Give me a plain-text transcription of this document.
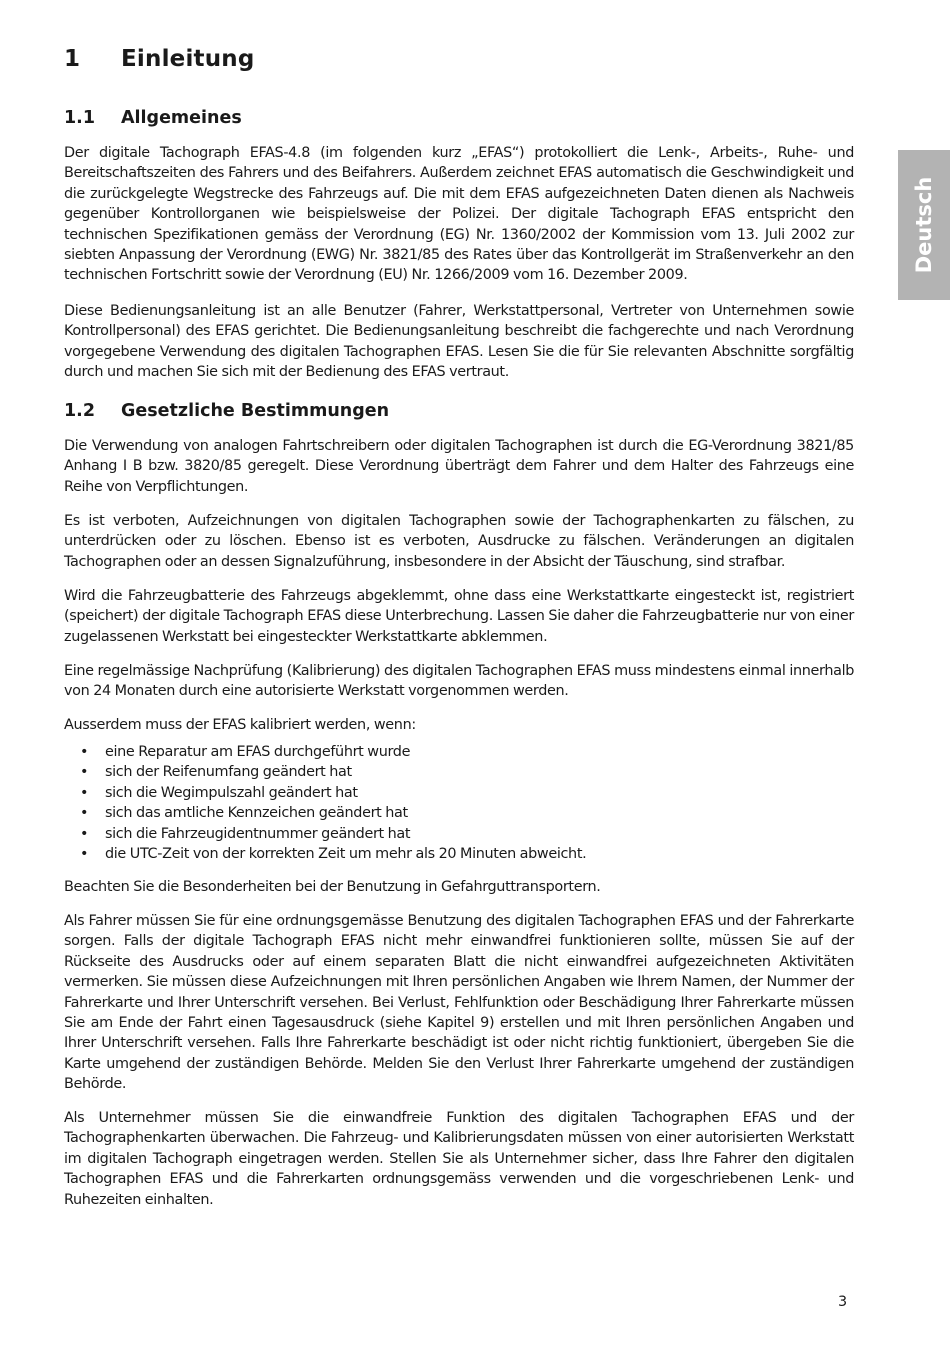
1 Einleitung
1.1 Allgemeines

Der digitale Tachograph EFAS-4.8 (im folgenden kurz „EFAS“) protokolliert die Lenk-, Arbeits-, Ruhe- und Bereitschaftszeiten des Fahrers und des Beifahrers. Außerdem zeichnet EFAS automatisch die Geschwindigkeit und die zurückgelegte Wegstrecke des Fahrzeugs auf. Die mit dem EFAS aufgezeichneten Daten dienen als Nachweis gegenüber Kontrollorganen wie beispielsweise der Polizei. Der digitale Tachograph EFAS entspricht den technischen Spezifikationen gemäss der Verordnung (EG) Nr. 1360/2002 der Kommission vom 13. Juli 2002 zur siebten Anpassung der Verordnung (EWG) Nr. 3821/85 des Rates über das Kontrollgerät im Straßenverkehr an den technischen Fortschritt sowie der Verordnung (EU) Nr. 1266/2009 vom 16. Dezember 2009.

Diese Bedienungsanleitung ist an alle Benutzer (Fahrer, Werkstattpersonal, Vertreter von Unternehmen sowie Kontrollpersonal) des EFAS gerichtet. Die Bedienungsanleitung beschreibt die fachgerechte und nach Verordnung vorgegebene Verwendung des digitalen Tachographen EFAS. Lesen Sie die für Sie relevanten Abschnitte sorgfältig durch und machen Sie sich mit der Bedienung des EFAS vertraut.

1.2 Gesetzliche Bestimmungen

Die Verwendung von analogen Fahrtschreibern oder digitalen Tachographen ist durch die EG-Verordnung 3821/85 Anhang I B bzw. 3820/85 geregelt. Diese Verordnung überträgt dem Fahrer und dem Halter des Fahrzeugs eine Reihe von Verpflichtungen.

Es ist verboten, Aufzeichnungen von digitalen Tachographen sowie der Tachographenkarten zu fälschen, zu unterdrücken oder zu löschen. Ebenso ist es verboten, Ausdrucke zu fälschen. Veränderungen an digitalen Tachographen oder an dessen Signalzuführung, insbesondere in der Absicht der Täuschung, sind strafbar.

Wird die Fahrzeugbatterie des Fahrzeugs abgeklemmt, ohne dass eine Werkstattkarte eingesteckt ist, registriert (speichert) der digitale Tachograph EFAS diese Unterbrechung. Lassen Sie daher die Fahrzeugbatterie nur von einer zugelassenen Werkstatt bei eingesteckter Werkstattkarte abklemmen.

Eine regelmässige Nachprüfung (Kalibrierung) des digitalen Tachographen EFAS muss mindestens einmal innerhalb von 24 Monaten durch eine autorisierte Werkstatt vorgenommen werden.

Ausserdem muss der EFAS kalibriert werden, wenn:

• eine Reparatur am EFAS durchgeführt wurde
• sich der Reifenumfang geändert hat
• sich die Wegimpulszahl geändert hat
• sich das amtliche Kennzeichen geändert hat
• sich die Fahrzeugidentnummer geändert hat
• die UTC-Zeit von der korrekten Zeit um mehr als 20 Minuten abweicht.

Beachten Sie die Besonderheiten bei der Benutzung in Gefahrguttransportern.

Als Fahrer müssen Sie für eine ordnungsgemässe Benutzung des digitalen Tachographen EFAS und der Fahrerkarte sorgen. Falls der digitale Tachograph EFAS nicht mehr einwandfrei funktionieren sollte, müssen Sie auf der Rückseite des Ausdrucks oder auf einem separaten Blatt die nicht einwandfrei aufgezeichneten Aktivitäten vermerken. Sie müssen diese Aufzeichnungen mit Ihren persönlichen Angaben wie Ihrem Namen, der Nummer der Fahrerkarte und Ihrer Unterschrift versehen. Bei Verlust, Fehlfunktion oder Beschädigung Ihrer Fahrerkarte müssen Sie am Ende der Fahrt einen Tagesausdruck (siehe Kapitel 9) erstellen und mit Ihren persönlichen Angaben und Ihrer Unterschrift versehen. Falls Ihre Fahrerkarte beschädigt ist oder nicht richtig funktioniert, übergeben Sie die Karte umgehend der zuständigen Behörde. Melden Sie den Verlust Ihrer Fahrerkarte umgehend der zuständigen Behörde.

Als Unternehmer müssen Sie die einwandfreie Funktion des digitalen Tachographen EFAS und der Tachographenkarten überwachen. Die Fahrzeug- und Kalibrierungsdaten müssen von einer autorisierten Werkstatt im digitalen Tachograph eingetragen werden. Stellen Sie als Unternehmer sicher, dass Ihre Fahrer den digitalen Tachographen EFAS und die Fahrerkarten ordnungsgemäss verwenden und die vorgeschriebenen Lenk- und Ruhezeiten einhalten.

Deutsch
3
